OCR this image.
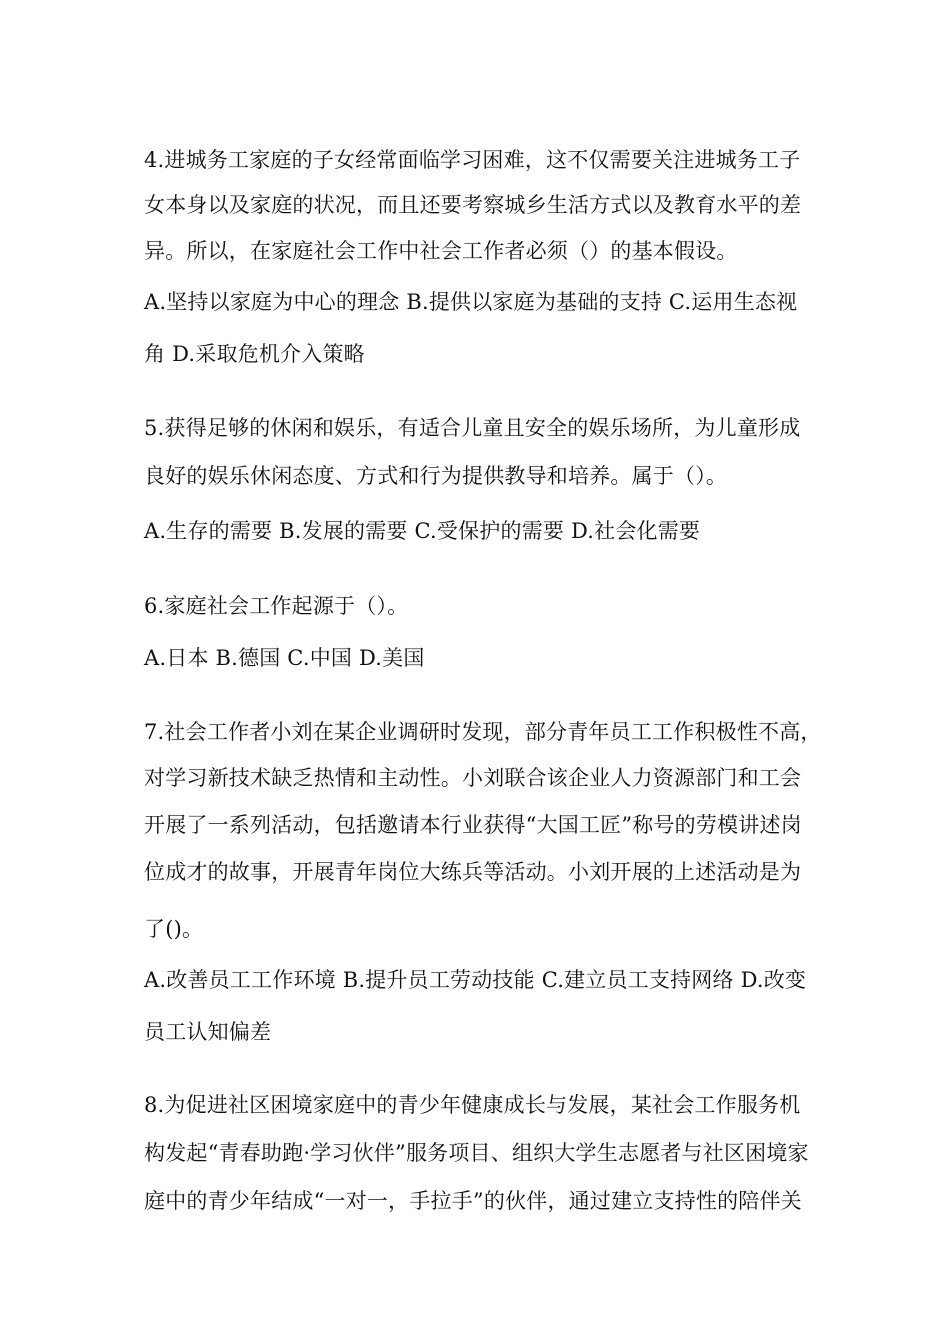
4.进城务工家庭的子女经常面临学习困难，这不仅需要关注进城务工子
女本身以及家庭的状况，而且还要考察城乡生活方式以及教育水平的差
异。所以，在家庭社会工作中社会工作者必须（）的基本假设。
A.坚持以家庭为中心的理念 B.提供以家庭为基础的支持 C.运用生态视
角 D.采取危机介入策略
5.获得足够的休闲和娱乐，有适合儿童且安全的娱乐场所，为儿童形成
良好的娱乐休闲态度、方式和行为提供教导和培养。属于（）。
A.生存的需要 B.发展的需要 C.受保护的需要 D.社会化需要
6.家庭社会工作起源于（）。
A.日本 B.德国 C.中国 D.美国
7.社会工作者小刘在某企业调研时发现，部分青年员工工作积极性不高，
对学习新技术缺乏热情和主动性。小刘联合该企业人力资源部门和工会
开展了一系列活动，包括邀请本行业获得“大国工匠”称号的劳模讲述岗
位成才的故事，开展青年岗位大练兵等活动。小刘开展的上述活动是为
了()。
A.改善员工工作环境 B.提升员工劳动技能 C.建立员工支持网络 D.改变
员工认知偏差
8.为促进社区困境家庭中的青少年健康成长与发展，某社会工作服务机
构发起“青春助跑·学习伙伴”服务项目、组织大学生志愿者与社区困境家
庭中的青少年结成“一对一，手拉手”的伙伴，通过建立支持性的陪伴关
